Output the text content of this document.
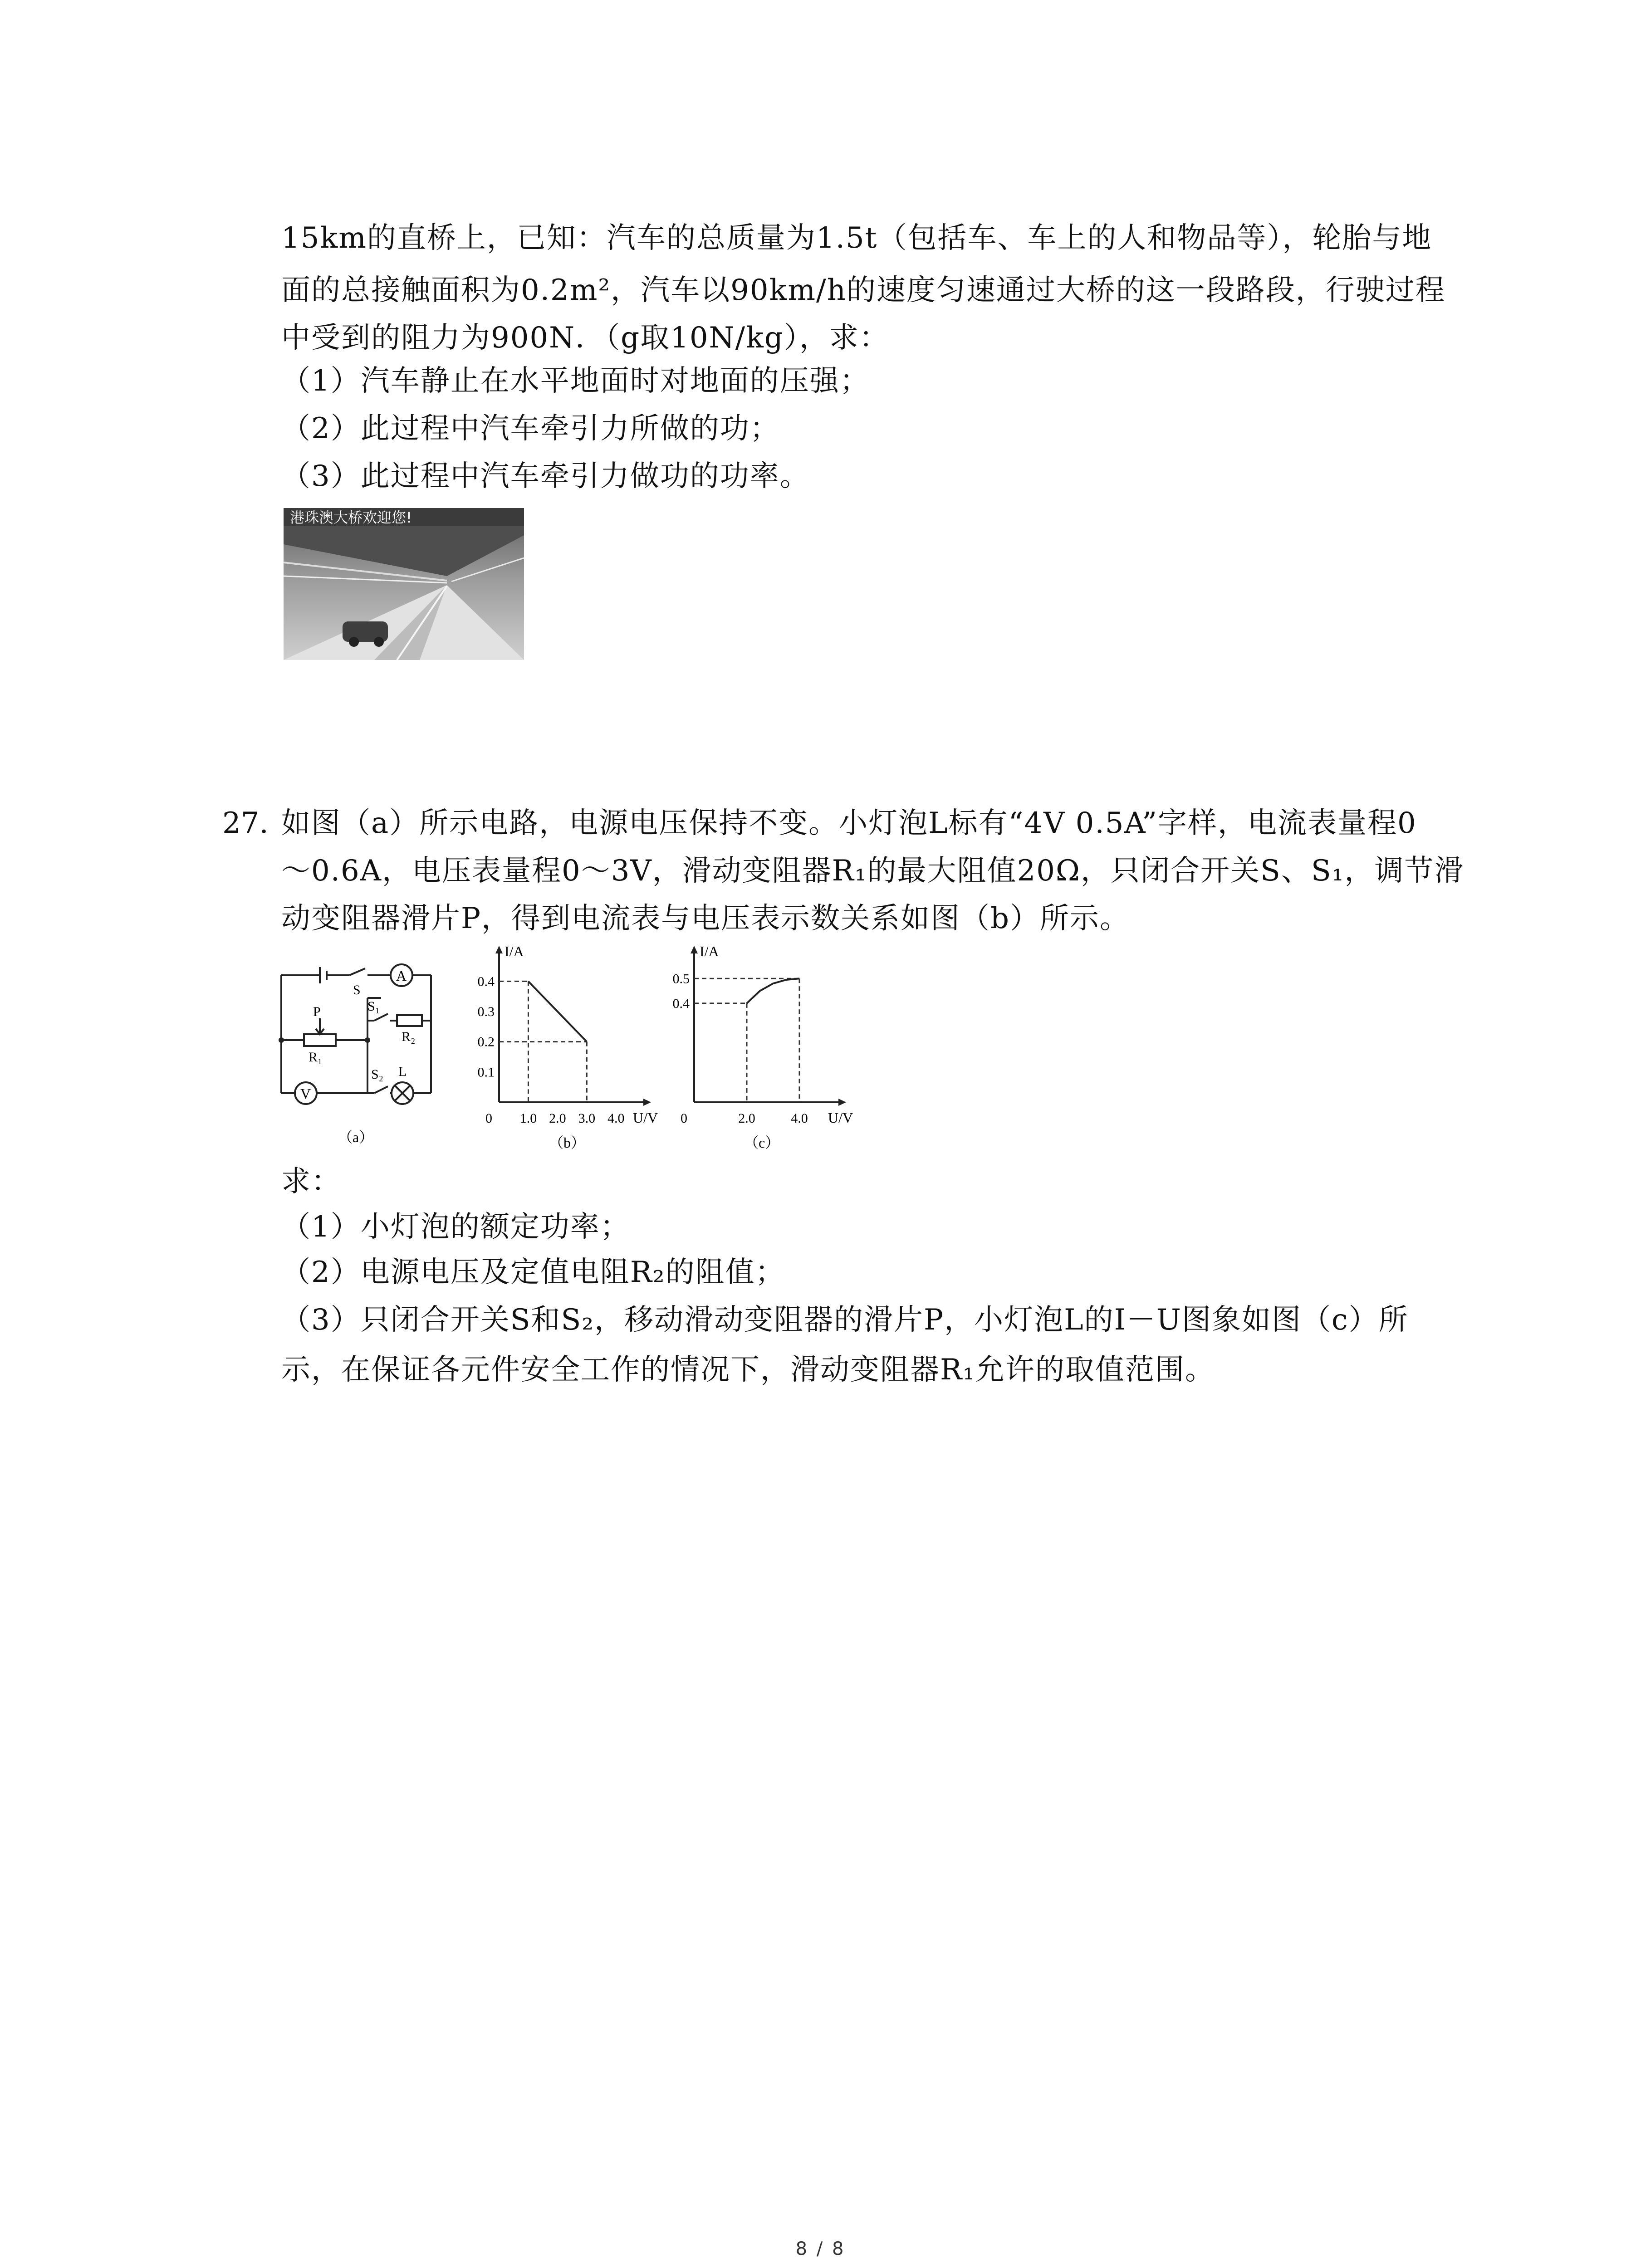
15km的直桥上，已知：汽车的总质量为1.5t（包括车、车上的人和物品等），轮胎与地
面的总接触面积为0.2m²，汽车以90km/h的速度匀速通过大桥的这一段路段，行驶过程
中受到的阻力为900N．（g取10N/kg），求：
（1）汽车静止在水平地面时对地面的压强；
（2）此过程中汽车牵引力所做的功；
（3）此过程中汽车牵引力做功的功率。
港珠澳大桥欢迎您!
27. 如图（a）所示电路，电源电压保持不变。小灯泡L标有“4V 0.5A”字样，电流表量程0
～0.6A，电压表量程0～3V，滑动变阻器R₁的最大阻值20Ω，只闭合开关S、S₁，调节滑
动变阻器滑片P，得到电流表与电压表示数关系如图（b）所示。
A
V
S
P
R₁
S₁
R₂
S₂ L
（a）
I/A
U/V
0 1.0 2.0 3.0 4.0
0.1
0.2
0.3
0.4
（b）
I/A
U/V
0	2.0	4.0
0.4
0.5
（c）
求：
（1）小灯泡的额定功率；
（2）电源电压及定值电阻R₂的阻值；
（3）只闭合开关S和S₂，移动滑动变阻器的滑片P，小灯泡L的I－U图象如图（c）所
示，在保证各元件安全工作的情况下，滑动变阻器R₁允许的取值范围。
8 / 8
